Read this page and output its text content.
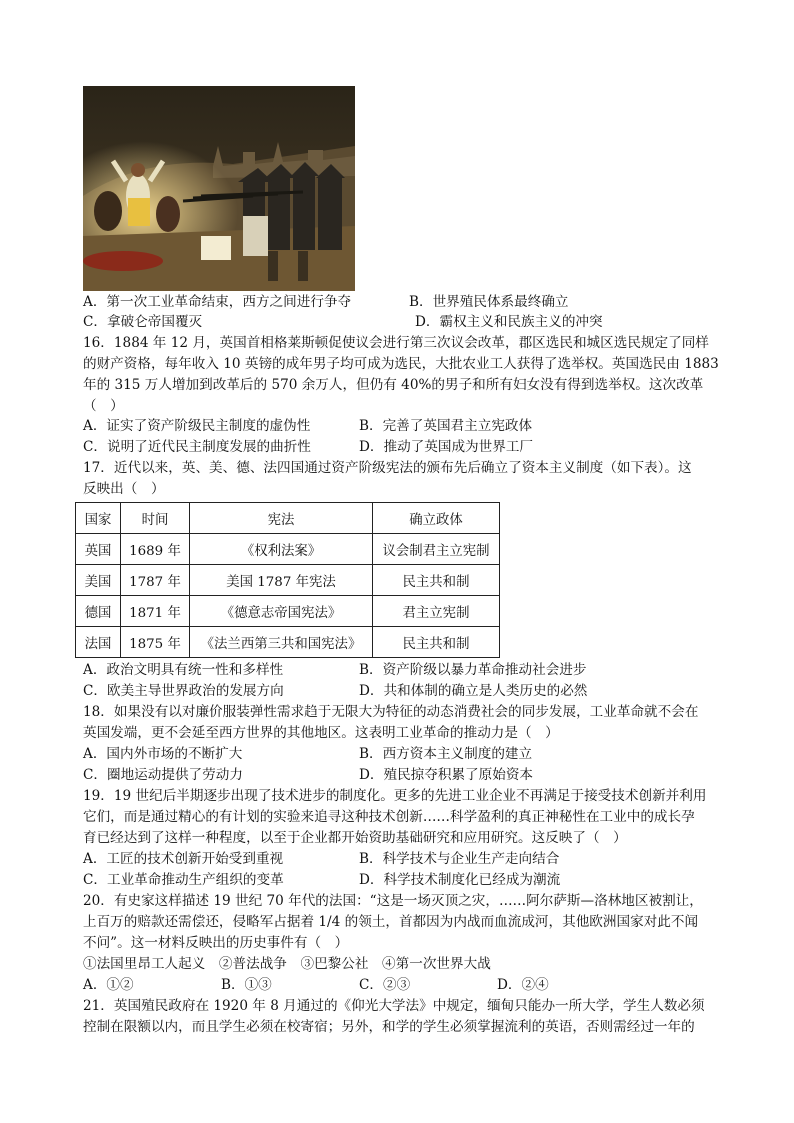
A．第一次工业革命结束，西方之间进行争夺	B．世界殖民体系最终确立
C．拿破仑帝国覆灭	D．霸权主义和民族主义的冲突
16．1884 年 12 月，英国首相格莱斯顿促使议会进行第三次议会改革，郡区选民和城区选民规定了同样
的财产资格，每年收入 10 英镑的成年男子均可成为选民，大批农业工人获得了选举权。英国选民由 1883
年的 315 万人增加到改革后的 570 余万人，但仍有 40%的男子和所有妇女没有得到选举权。这次改革
（　）
A．证实了资产阶级民主制度的虚伪性	B．完善了英国君主立宪政体
C．说明了近代民主制度发展的曲折性	D．推动了英国成为世界工厂
17．近代以来，英、美、德、法四国通过资产阶级宪法的颁布先后确立了资本主义制度（如下表）。这
反映出（　）
国家	时间	宪法	确立政体
英国	1689 年	《权利法案》	议会制君主立宪制
美国	1787 年	美国 1787 年宪法	民主共和制
德国	1871 年	《德意志帝国宪法》	君主立宪制
法国	1875 年	《法兰西第三共和国宪法》	民主共和制
A．政治文明具有统一性和多样性	B．资产阶级以暴力革命推动社会进步
C．欧美主导世界政治的发展方向	D．共和体制的确立是人类历史的必然
18．如果没有以对廉价服装弹性需求趋于无限大为特征的动态消费社会的同步发展，工业革命就不会在
英国发端，更不会延至西方世界的其他地区。这表明工业革命的推动力是（　）
A．国内外市场的不断扩大	B．西方资本主义制度的建立
C．圈地运动提供了劳动力	D．殖民掠夺积累了原始资本
19．19 世纪后半期逐步出现了技术进步的制度化。更多的先进工业企业不再满足于接受技术创新并利用
它们，而是通过精心的有计划的实验来追寻这种技术创新……科学盈利的真正神秘性在工业中的成长孕
育已经达到了这样一种程度，以至于企业都开始资助基础研究和应用研究。这反映了（　）
A．工匠的技术创新开始受到重视	B．科学技术与企业生产走向结合
C．工业革命推动生产组织的变革	D．科学技术制度化已经成为潮流
20．有史家这样描述 19 世纪 70 年代的法国：“这是一场灭顶之灾，……阿尔萨斯—洛林地区被割让，
上百万的赔款还需偿还，侵略军占据着 1/4 的领土，首都因为内战而血流成河，其他欧洲国家对此不闻
不问”。这一材料反映出的历史事件有（　）
①法国里昂工人起义　②普法战争　③巴黎公社　④第一次世界大战
A．①②	B．①③	C．②③	D．②④
21．英国殖民政府在 1920 年 8 月通过的《仰光大学法》中规定，缅甸只能办一所大学，学生人数必须
控制在限额以内，而且学生必须在校寄宿；另外，和学的学生必须掌握流利的英语，否则需经过一年的
